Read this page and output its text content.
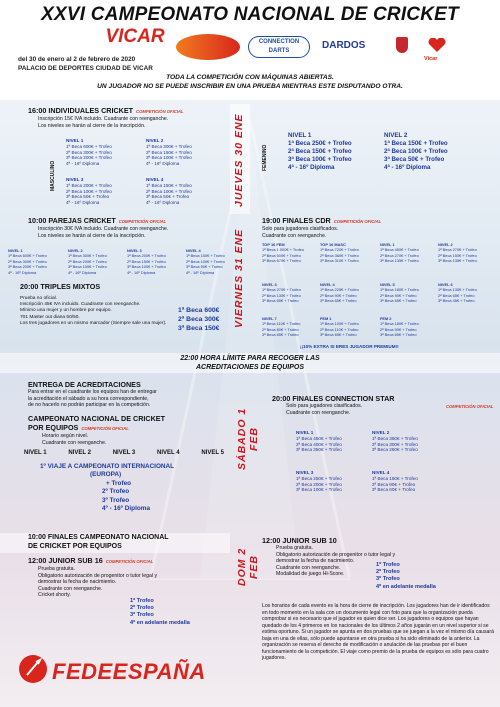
XXVI CAMPEONATO NACIONAL DE CRICKET
VICAR
del 30 de enero al 2 de febrero de 2020
PALACIO DE DEPORTES CIUDAD DE VICAR
CONNECTION DARTS	DARDOS
Vicar
TODA LA COMPETICIÓN CON MÁQUINAS ABIERTAS.
UN JUGADOR NO SE PUEDE INSCRIBIR EN UNA PRUEBA MIENTRAS ESTE DISPUTANDO OTRA.
JUEVES 30 ENE
VIERNES 31 ENE
SÁBADO 1 FEB
DOM 2 FEB
16:00 INDIVIDUALES CRICKET COMPETICIÓN OFICIAL
Inscripción 15€ IVA incluido. Cuadrante con reenganche.
Los niveles se harán al cierre de la inscripción.
MASCULINO
NIVEL 1
1ª Beca 600€ + Trofeo
2ª Beca 300€ + Trofeo
3ª Beca 200€ + Trofeo
4ª - 16º Diploma
NIVEL 2
1ª Beca 300€ + Trofeo
2ª Beca 150€ + Trofeo
3ª Beca 100€ + Trofeo
4ª - 16º Diploma
NIVEL 3
1ª Beca 200€ + Trofeo
2ª Beca 100€ + Trofeo
3ª Beca 50€ + Trofeo
4ª - 16º Diploma
NIVEL 4
1ª Beca 150€ + Trofeo
2ª Beca 100€ + Trofeo
3ª Beca 50€ + Trofeo
4ª - 16º Diploma
FEMENINO
NIVEL 1
1ª Beca 250€ + Trofeo
2ª Beca 150€ + Trofeo
3ª Beca 100€ + Trofeo
4ª - 16º Diploma
NIVEL 2
1ª Beca 150€ + Trofeo
2ª Beca 100€ + Trofeo
3ª Beca 50€ + Trofeo
4ª - 16º Diploma
10:00 PAREJAS CRICKET COMPETICIÓN OFICIAL
Inscripción 30€ IVA incluido. Cuadrante con reenganche.
Los niveles se harán al cierre de la inscripción.
NIVEL 1
1ª Beca 600€ + Trofeo
2ª Beca 300€ + Trofeo
3ª Beca 200€ + Trofeo
4ª - 16º Diploma
NIVEL 2
1ª Beca 300€ + Trofeo
2ª Beca 200€ + Trofeo
3ª Beca 150€ + Trofeo
4ª - 16º Diploma
NIVEL 3
1ª Beca 200€ + Trofeo
2ª Beca 150€ + Trofeo
3ª Beca 100€ + Trofeo
4ª - 16º Diploma
NIVEL 4
1ª Beca 150€ + Trofeo
2ª Beca 100€ + Trofeo
3ª Beca 50€ + Trofeo
4ª - 16º Diploma
20:00 TRIPLES MIXTOS
Prueba no oficial.
Inscripción 45€ IVA incluido. Cuadrante con reenganche.
Mínimo una mujer y un hombre por equipo.
701 Master out diana 50/50.
Los tres jugadores en un mismo marcador (Siempre sale una mujer).
1ª Beca 600€
2ª Beca 300€
3ª Beca 150€
19:00 FINALES CDR COMPETICIÓN OFICIAL
Solo para jugadores clasificados.
Cuadrante con reenganche.
TOP 16 FEM
1ª Beca 1.000€ + Trofeo
2ª Beca 500€ + Trofeo
3ª Beca 670€ + Trofeo
TOP 16 MASC
1ª Beca 720€ + Trofeo
2ª Beca 360€ + Trofeo
3ª Beca 310€ + Trofeo
NIVEL 1
1ª Beca 450€ + Trofeo
2ª Beca 270€ + Trofeo
3ª Beca 135€ + Trofeo
NIVEL 2
1ª Beca 270€ + Trofeo
2ª Beca 150€ + Trofeo
3ª Beca 135€ + Trofeo
NIVEL 3
1ª Beca 270€ + Trofeo
2ª Beca 130€ + Trofeo
3ª Beca 65€ + Trofeo
NIVEL 4
1ª Beca 225€ + Trofeo
2ª Beca 90€ + Trofeo
3ª Beca 65€ + Trofeo
NIVEL 5
1ª Beca 180€ + Trofeo
2ª Beca 90€ + Trofeo
3ª Beca 65€ + Trofeo
NIVEL 6
1ª Beca 135€ + Trofeo
2ª Beca 65€ + Trofeo
3ª Beca 45€ + Trofeo
NIVEL 7
1ª Beca 110€ + Trofeo
2ª Beca 80€ + Trofeo
3ª Beca 65€ + Trofeo
FEM 1
1ª Beca 100€ + Trofeo
2ª Beca 110€ + Trofeo
3ª Beca 65€ + Trofeo
FEM 2
1ª Beca 180€ + Trofeo
2ª Beca 90€ + Trofeo
3ª Beca 65€ + Trofeo
¡¡10% EXTRA SI ERES JUGADOR PREMIUM!!
22:00 HORA LÍMITE PARA RECOGER LAS
ACREDITACIONES DE EQUIPOS
ENTREGA DE ACREDITACIONES
Para entrar en el cuadrante los equipos han de entregar
la acreditación el sábado a su hora correspondiente,
de no hacerlo no podrán participar en la competición.
CAMPEONATO NACIONAL DE CRICKET
POR EQUIPOS COMPETICIÓN OFICIAL
Horario según nivel.
Cuadrante con reenganche.
NIVEL 1	NIVEL 2	NIVEL 3	NIVEL 4	NIVEL 5
1º VIAJE A CAMPEONATO INTERNACIONAL
(EUROPA)
+ Trofeo
2º Trofeo
3º Trofeo
4º - 16º Diploma
20:00 FINALES CONNECTION STAR
Solo para jugadores clasificados.
Cuadrante con reenganche.
COMPETICIÓN OFICIAL
NIVEL 1
1ª Beca 450€ + Trofeo
2ª Beca 400€ + Trofeo
3ª Beca 350€ + Trofeo
NIVEL 2
1ª Beca 350€ + Trofeo
2ª Beca 300€ + Trofeo
3ª Beca 250€ + Trofeo
NIVEL 3
1ª Beca 250€ + Trofeo
2ª Beca 200€ + Trofeo
3ª Beca 100€ + Trofeo
NIVEL 4
1ª Beca 150€ + Trofeo
2ª Beca 90€ + Trofeo
3ª Beca 60€ + Trofeo
10:00 FINALES CAMPEONATO NACIONAL
DE CRICKET POR EQUIPOS
12:00 JUNIOR SUB 16 COMPETICIÓN OFICIAL
Prueba gratuita.
Obligatorio autorización de progenitor o tutor legal y
demostrar la fecha de nacimiento.
Cuadrante con reenganche.
Cricket shorty.
1º Trofeo
2º Trofeo
3º Trofeo
4º en adelante medalla
12:00 JUNIOR SUB 10
Prueba gratuita.
Obligatorio autorización de progenitor o tutor legal y
demostrar la fecha de nacimiento.
Cuadrante con reenganche.
Modalidad de juego Hi-Score.
1º Trofeo
2º Trofeo
3º Trofeo
4º en adelante medalla
FEDEESPAÑA
Los horarios de cada evento es la hora de cierre de inscripción. Los jugadores han de ir identificados en todo momento en la sala con un documento legal con foto para que la organización pueda comprobar si es necesario que el jugador es quien dice ser. Los jugadores o equipos que hayan quedado de los 4 primeros en los nacionales de los últimos 2 años jugarán en un nivel superior si se estima oportuno. Si un jugador se apunta en dos pruebas que se juegan a la vez el mismo día causará baja en una de ellas, sólo puede apuntarse en otra prueba si ha sido eliminado de la anterior. La organización se reserva el derecho de modificación o anulación de las pruebas por el buen funcionamiento de la competición. El viaje como premio de la prueba de equipos es sólo para cuatro jugadores.
